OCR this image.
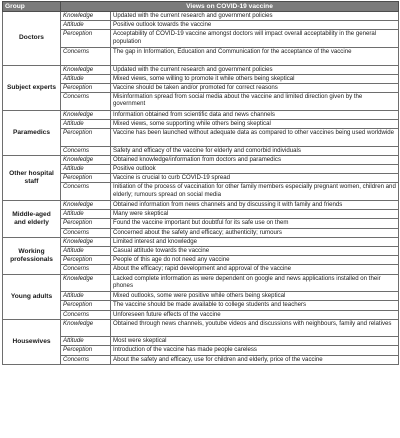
Group	Views on COVID-19 vaccine	
Doctors	Knowledge	Updated with the current research and government policies
	Attitude	Positive outlook towards the vaccine
	Perception	Acceptability of COVID-19 vaccine amongst doctors will impact overall acceptability in the general population
	Concerns	The gap in Information, Education and Communication for the acceptance of the vaccine
Subject experts	Knowledge	Updated with the current research and government policies
	Attitude	Mixed views, some willing to promote it while others being skeptical
	Perception	Vaccine should be taken and/or promoted for correct reasons
	Concerns	Misinformation spread from social media about the vaccine and limited direction given by the government
Paramedics	Knowledge	Information obtained from scientific data and news channels
	Attitude	Mixed views, some supporting while others being skeptical
	Perception	Vaccine has been launched without adequate data as compared to other vaccines being used worldwide
	Concerns	Safety and efficacy of the vaccine for elderly and comorbid individuals
Other hospital staff	Knowledge	Obtained knowledge/information from doctors and paramedics
	Attitude	Positive outlook
	Perception	Vaccine is crucial to curb COVID-19 spread
	Concerns	Initiation of the process of vaccination for other family members especially pregnant women, children and elderly; rumours spread on social media
Middle-aged and elderly	Knowledge	Obtained information from news channels and by discussing it with family and friends
	Attitude	Many were skeptical
	Perception	Found the vaccine important but doubtful for its safe use on them
	Concerns	Concerned about the safety and efficacy; authenticity; rumours
Working professionals	Knowledge	Limited interest and knowledge
	Attitude	Casual attitude towards the vaccine
	Perception	People of this age do not need any vaccine
	Concerns	About the efficacy; rapid development and approval of the vaccine
Young adults	Knowledge	Lacked complete information as were dependent on google and news applications installed on their phones
	Attitude	Mixed outlooks, some were positive while others being skeptical
	Perception	The vaccine should be made available to college students and teachers
	Concerns	Unforeseen future effects of the vaccine
Housewives	Knowledge	Obtained through news channels, youtube videos and discussions with neighbours, family and relatives
	Attitude	Most were skeptical
	Perception	Introduction of the vaccine has made people careless
	Concerns	About the safety and efficacy, use for children and elderly, price of the vaccine
